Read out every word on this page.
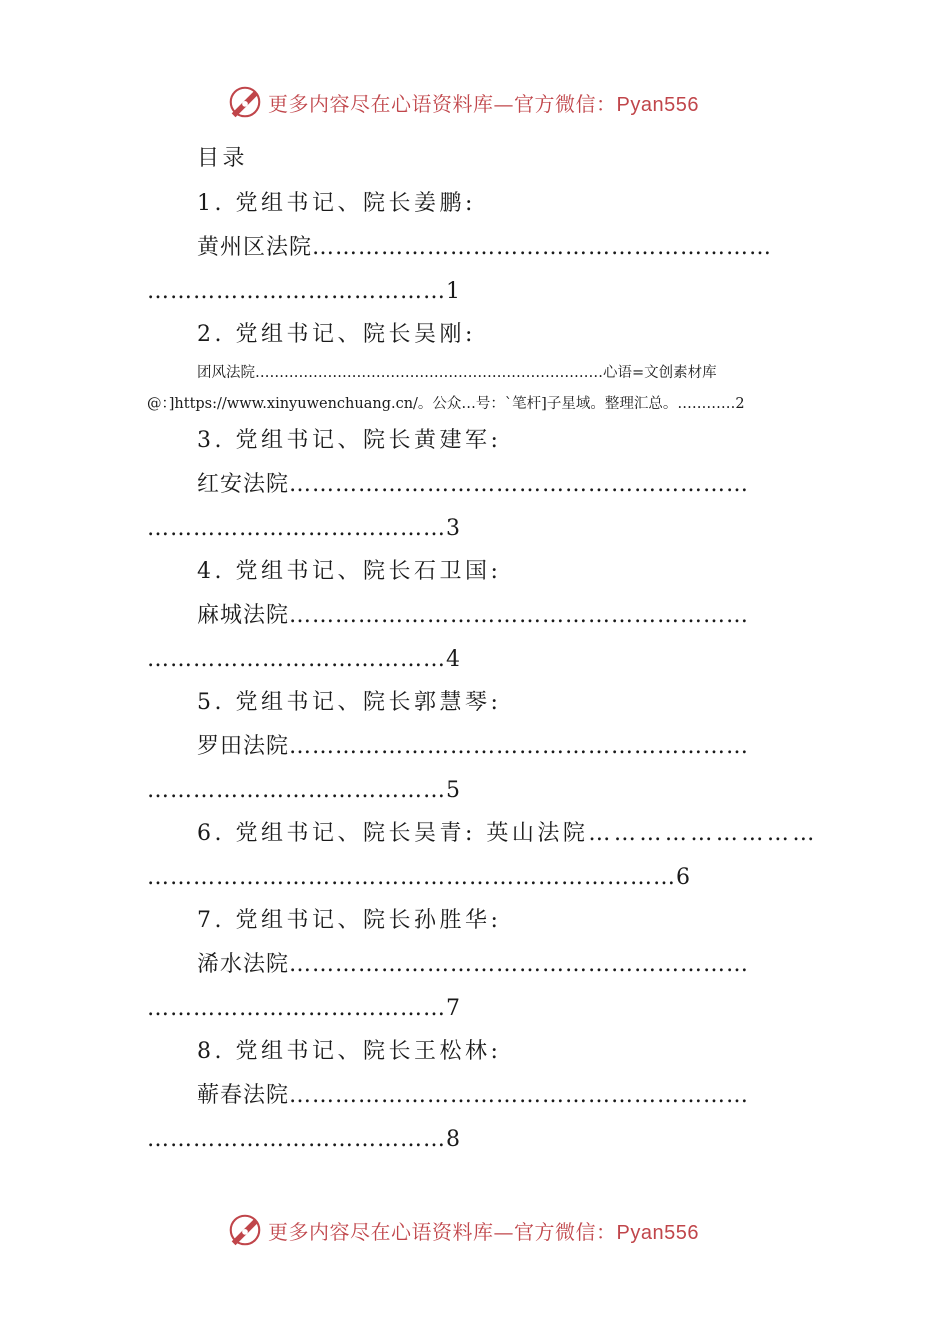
更多内容尽在心语资料库—官方微信：Pyan556
目录
1. 党组书记、院长姜鹏:
黄州区法院……………………………………………………
…………………………………1
2. 党组书记、院长吴刚:
团风法院………………………………………………………………心语=文创素材库
@：]https://www.xinyuwenchuang.cn/。公众…号：`笔杆]子星域。整理汇总。…………2
3. 党组书记、院长黄建军:
红安法院……………………………………………………
…………………………………3
4. 党组书记、院长石卫国:
麻城法院……………………………………………………
…………………………………4
5. 党组书记、院长郭慧琴:
罗田法院……………………………………………………
…………………………………5
6. 党组书记、院长吴青: 英山法院………………………
……………………………………………………………6
7. 党组书记、院长孙胜华:
浠水法院……………………………………………………
…………………………………7
8. 党组书记、院长王松林:
蕲春法院……………………………………………………
…………………………………8
更多内容尽在心语资料库—官方微信：Pyan556
